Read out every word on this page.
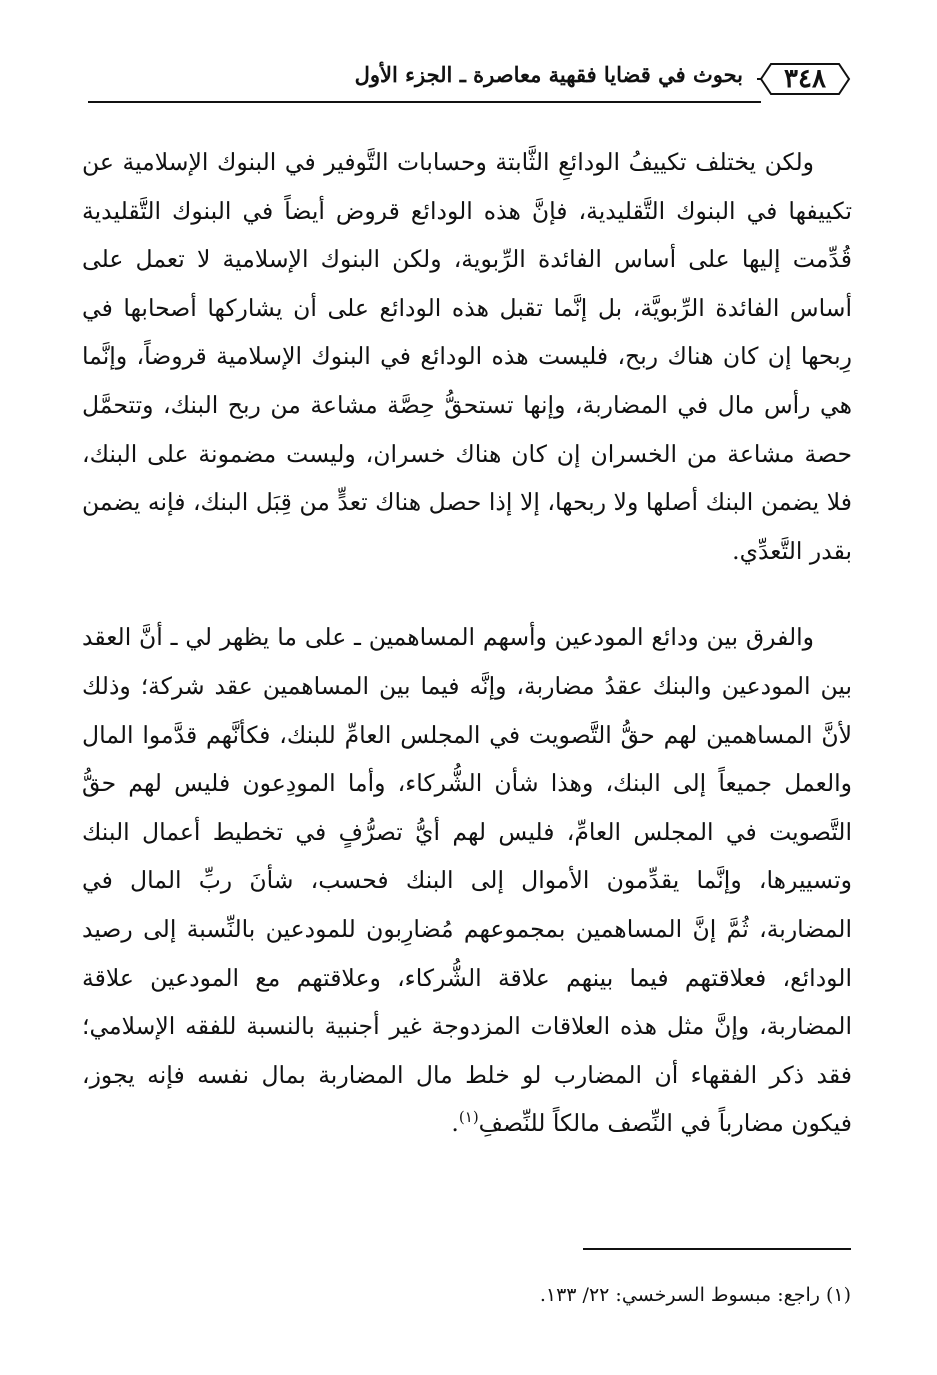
٣٤٨
بحوث في قضايا فقهية معاصرة ـ الجزء الأول

ولكن يختلف تكييفُ الودائعِ الثَّابتة وحسابات التَّوفير في البنوك الإسلامية عن تكييفها في البنوك التَّقليدية، فإنَّ هذه الودائع قروض أيضاً في البنوك التَّقليدية قُدِّمت إليها على أساس الفائدة الرِّبوية، ولكن البنوك الإسلامية لا تعمل على أساس الفائدة الرِّبويَّة، بل إنَّما تقبل هذه الودائع على أن يشاركها أصحابها في رِبحها إن كان هناك ربح، فليست هذه الودائع في البنوك الإسلامية قروضاً، وإنَّما هي رأس مال في المضاربة، وإنها تستحقُّ حِصَّة مشاعة من ربح البنك، وتتحمَّل حصة مشاعة من الخسران إن كان هناك خسران، وليست مضمونة على البنك، فلا يضمن البنك أصلها ولا ربحها، إلا إذا حصل هناك تعدٍّ من قِبَل البنك، فإنه يضمن بقدر التَّعدِّي.

والفرق بين ودائع المودعين وأسهم المساهمين ـ على ما يظهر لي ـ أنَّ العقد بين المودعين والبنك عقدُ مضاربة، وإنَّه فيما بين المساهمين عقد شركة؛ وذلك لأنَّ المساهمين لهم حقُّ التَّصويت في المجلس العامِّ للبنك، فكأنَّهم قدَّموا المال والعمل جميعاً إلى البنك، وهذا شأن الشُّركاء، وأما المودِعون فليس لهم حقُّ التَّصويت في المجلس العامِّ، فليس لهم أيُّ تصرُّفٍ في تخطيط أعمال البنك وتسييرها، وإنَّما يقدِّمون الأموال إلى البنك فحسب، شأنَ ربِّ المال في المضاربة، ثُمَّ إنَّ المساهمين بمجموعهم مُضارِبون للمودعين بالنِّسبة إلى رصيد الودائع، فعلاقتهم فيما بينهم علاقة الشُّركاء، وعلاقتهم مع المودعين علاقة المضاربة، وإنَّ مثل هذه العلاقات المزدوجة غير أجنبية بالنسبة للفقه الإسلامي؛ فقد ذكر الفقهاء أن المضارب لو خلط مال المضاربة بمال نفسه فإنه يجوز، فيكون مضارباً في النِّصف مالكاً للنِّصفِ$^{(١)}$.

(١) راجع: مبسوط السرخسي: ٢٢/ ١٣٣.
